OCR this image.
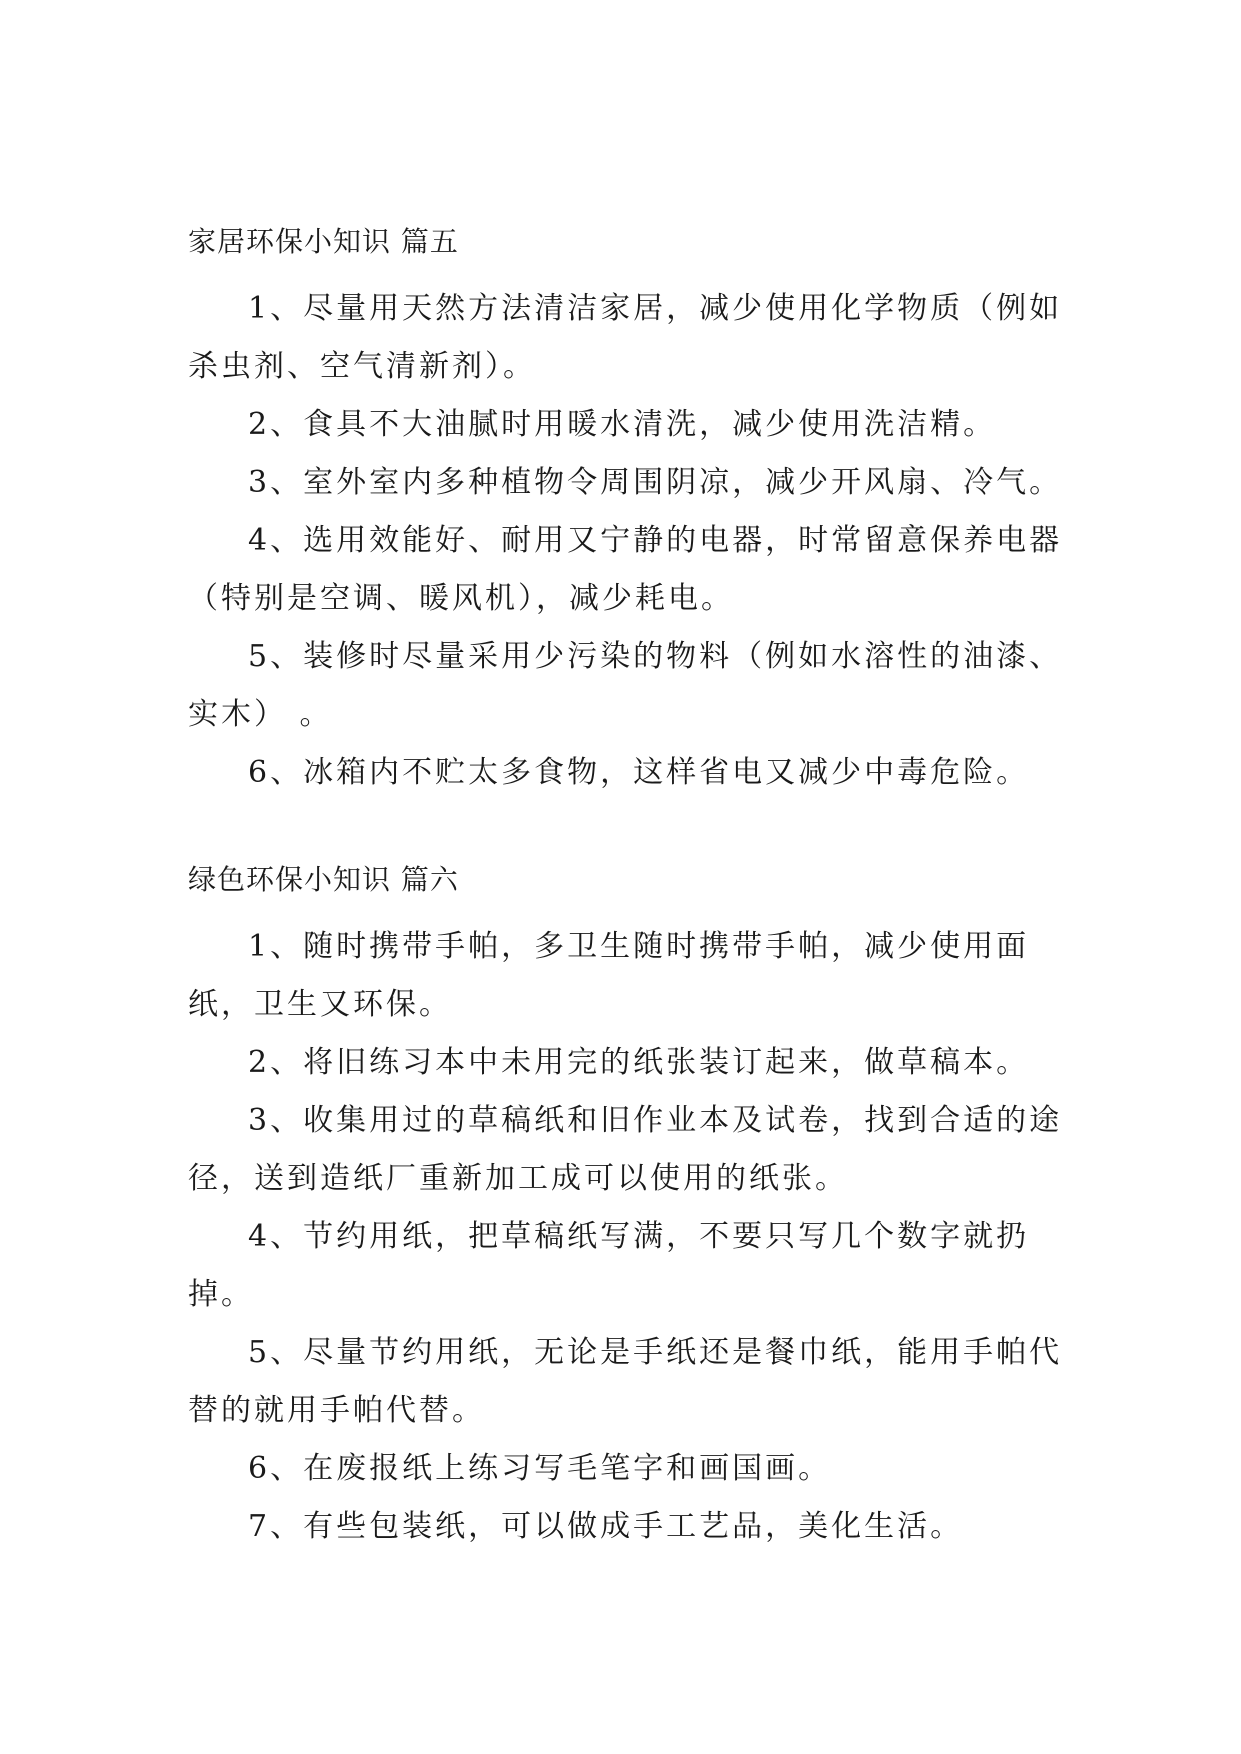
家居环保小知识 篇五

1、尽量用天然方法清洁家居，减少使用化学物质（例如杀虫剂、空气清新剂）。

2、食具不大油腻时用暖水清洗，减少使用洗洁精。

3、室外室内多种植物令周围阴凉，减少开风扇、冷气。

4、选用效能好、耐用又宁静的电器，时常留意保养电器（特别是空调、暖风机），减少耗电。

5、装修时尽量采用少污染的物料（例如水溶性的油漆、实木） 。

6、冰箱内不贮太多食物，这样省电又减少中毒危险。

绿色环保小知识 篇六

1、随时携带手帕，多卫生随时携带手帕，减少使用面纸，卫生又环保。

2、将旧练习本中未用完的纸张装订起来，做草稿本。

3、收集用过的草稿纸和旧作业本及试卷，找到合适的途径，送到造纸厂重新加工成可以使用的纸张。

4、节约用纸，把草稿纸写满，不要只写几个数字就扔掉。

5、尽量节约用纸，无论是手纸还是餐巾纸，能用手帕代替的就用手帕代替。

6、在废报纸上练习写毛笔字和画国画。

7、有些包装纸，可以做成手工艺品，美化生活。
